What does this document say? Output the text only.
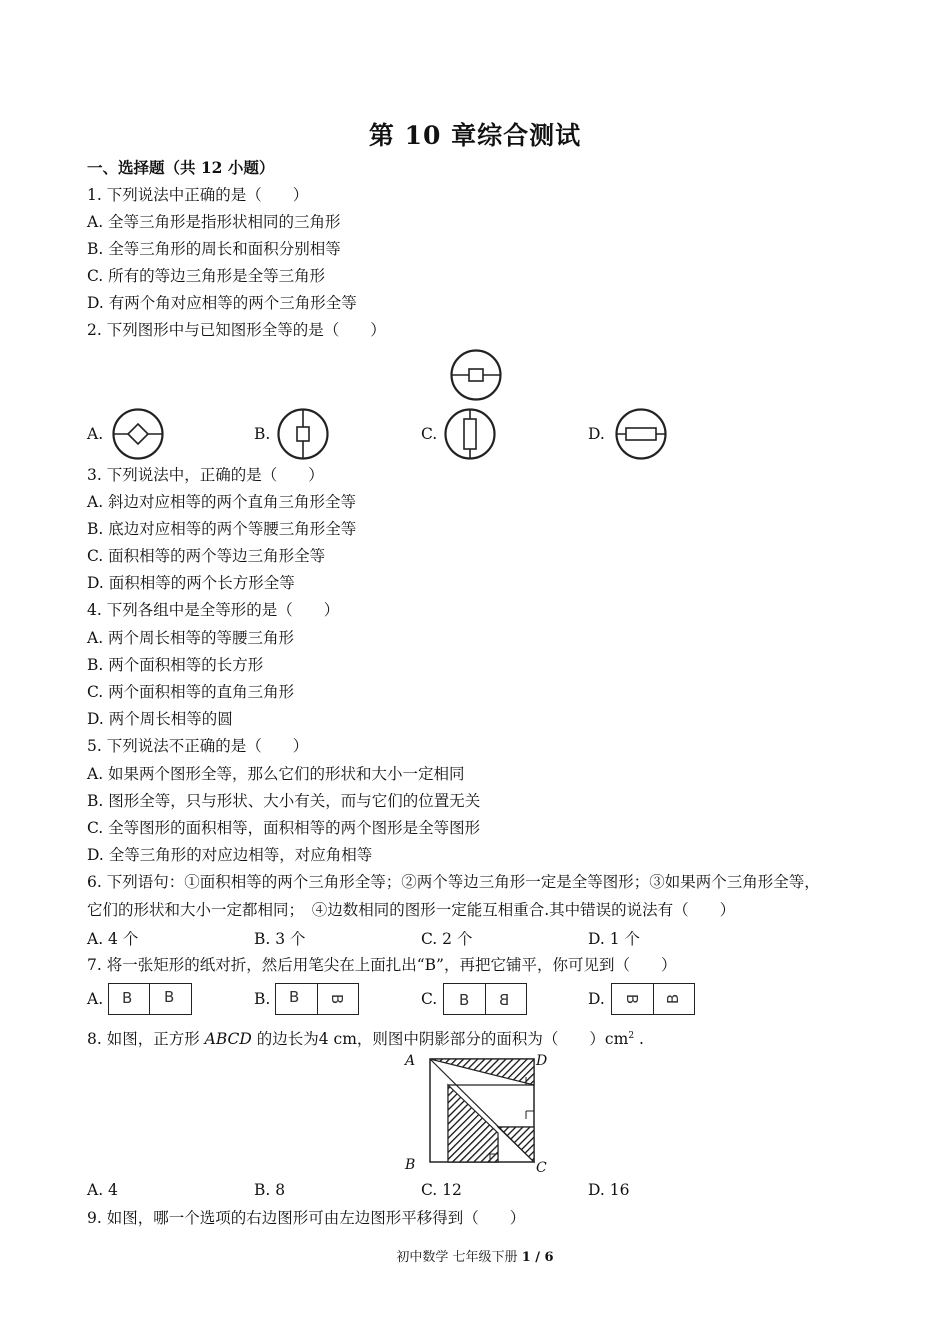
第 10 章综合测试
一、选择题（共 12 小题）
1. 下列说法中正确的是（　　）
A. 全等三角形是指形状相同的三角形
B. 全等三角形的周长和面积分别相等
C. 所有的等边三角形是全等三角形
D. 有两个角对应相等的两个三角形全等
2. 下列图形中与已知图形全等的是（　　）
A.	B.	C.	D.
3. 下列说法中，正确的是（　　）
A. 斜边对应相等的两个直角三角形全等
B. 底边对应相等的两个等腰三角形全等
C. 面积相等的两个等边三角形全等
D. 面积相等的两个长方形全等
4. 下列各组中是全等形的是（　　）
A. 两个周长相等的等腰三角形
B. 两个面积相等的长方形
C. 两个面积相等的直角三角形
D. 两个周长相等的圆
5. 下列说法不正确的是（　　）
A. 如果两个图形全等，那么它们的形状和大小一定相同
B. 图形全等，只与形状、大小有关，而与它们的位置无关
C. 全等图形的面积相等，面积相等的两个图形是全等图形
D. 全等三角形的对应边相等，对应角相等
6. 下列语句：①面积相等的两个三角形全等；②两个等边三角形一定是全等图形；③如果两个三角形全等，
它们的形状和大小一定都相同；　④边数相同的图形一定能互相重合.其中错误的说法有（　　）
A. 4 个	B. 3 个	C. 2 个	D. 1 个
7. 将一张矩形的纸对折，然后用笔尖在上面扎出“B”，再把它铺平，你可见到（　　）
A. B B	B. B B	C. B B	D. B B
8. 如图，正方形 ABCD 的边长为4 cm，则图中阴影部分的面积为（　　）$cm^2$ .
A	D
B	C
A. 4	B. 8	C. 12	D. 16
9. 如图，哪一个选项的右边图形可由左边图形平移得到（　　）
初中数学 七年级下册 1 / 6
